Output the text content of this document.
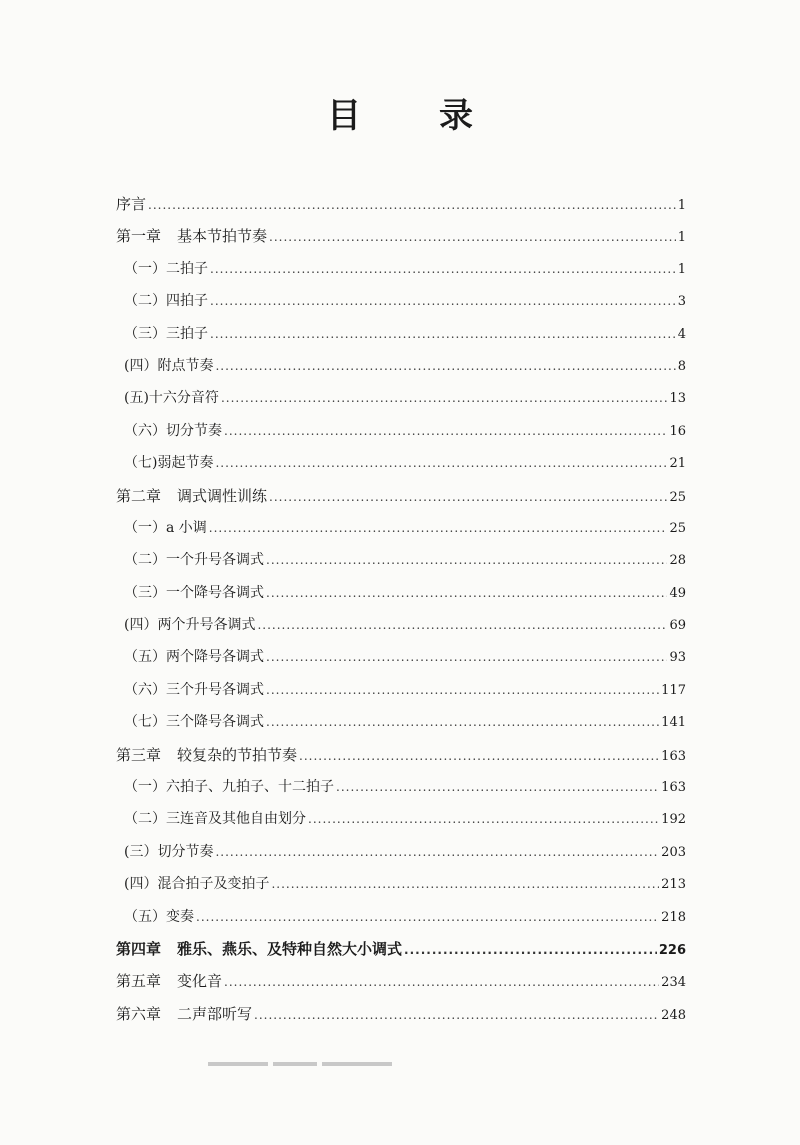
目 录
序言 .....	1
第一章 基本节拍节奏 .....	1
（一）二拍子 .....	1
（二）四拍子 .....	3
（三）三拍子 .....	4
(四）附点节奏 .....	8
(五)十六分音符 .....	13
（六）切分节奏 .....	16
（七)弱起节奏 .....	21
第二章 调式调性训练 .....	25
（一）a 小调 .....	25
（二）一个升号各调式 .....	28
（三）一个降号各调式 .....	49
(四）两个升号各调式 .....	69
（五）两个降号各调式 .....	93
（六）三个升号各调式 .....	117
（七）三个降号各调式 .....	141
第三章 较复杂的节拍节奏 .....	163
（一）六拍子、九拍子、十二拍子 .....	163
（二）三连音及其他自由划分 .....	192
(三）切分节奏 .....	203
(四）混合拍子及变拍子 .....	213
（五）变奏 .....	218
第四章 雅乐、燕乐、及特种自然大小调式 .....	226
第五章 变化音 .....	234
第六章 二声部听写 .....	248
